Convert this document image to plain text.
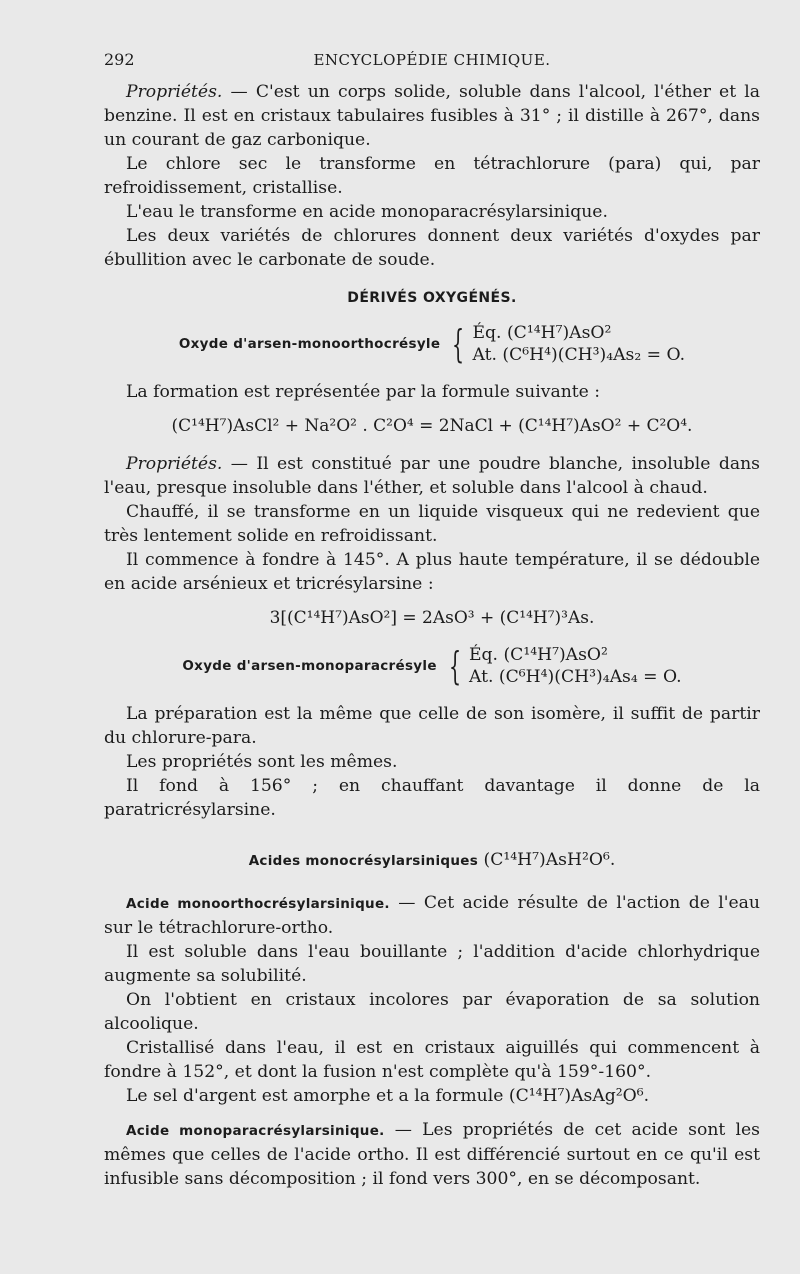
292	ENCYCLOPÉDIE CHIMIQUE.

Propriétés. — C'est un corps solide, soluble dans l'alcool, l'éther et la benzine. Il est en cristaux tabulaires fusibles à 31° ; il distille à 267°, dans un courant de gaz carbonique.

Le chlore sec le transforme en tétrachlorure (para) qui, par refroidissement, cristallise.

L'eau le transforme en acide monoparacrésylarsinique.

Les deux variétés de chlorures donnent deux variétés d'oxydes par ébullition avec le carbonate de soude.

DÉRIVÉS OXYGÉNÉS.
Oxyde d'arsen-monoorthocrésyle { Éq. (C¹⁴H⁷)AsO²
At. (C⁶H⁴)(CH³)₄As₂ = O.

La formation est représentée par la formule suivante :

(C¹⁴H⁷)AsCl² + Na²O² . C²O⁴ = 2NaCl + (C¹⁴H⁷)AsO² + C²O⁴.

Propriétés. — Il est constitué par une poudre blanche, insoluble dans l'eau, presque insoluble dans l'éther, et soluble dans l'alcool à chaud.

Chauffé, il se transforme en un liquide visqueux qui ne redevient que très lentement solide en refroidissant.

Il commence à fondre à 145°. A plus haute température, il se dédouble en acide arsénieux et tricrésylarsine :

3[(C¹⁴H⁷)AsO²] = 2AsO³ + (C¹⁴H⁷)³As.
Oxyde d'arsen-monoparacrésyle { Éq. (C¹⁴H⁷)AsO²
At. (C⁶H⁴)(CH³)₄As₄ = O.

La préparation est la même que celle de son isomère, il suffit de partir du chlorure-para.

Les propriétés sont les mêmes.

Il fond à 156° ; en chauffant davantage il donne de la paratricrésylarsine.

Acides monocrésylarsiniques (C¹⁴H⁷)AsH²O⁶.

Acide monoorthocrésylarsinique. — Cet acide résulte de l'action de l'eau sur le tétrachlorure-ortho.

Il est soluble dans l'eau bouillante ; l'addition d'acide chlorhydrique augmente sa solubilité.

On l'obtient en cristaux incolores par évaporation de sa solution alcoolique.

Cristallisé dans l'eau, il est en cristaux aiguillés qui commencent à fondre à 152°, et dont la fusion n'est complète qu'à 159°-160°.

Le sel d'argent est amorphe et a la formule (C¹⁴H⁷)AsAg²O⁶.

Acide monoparacrésylarsinique. — Les propriétés de cet acide sont les mêmes que celles de l'acide ortho. Il est différencié surtout en ce qu'il est infusible sans décomposition ; il fond vers 300°, en se décomposant.
